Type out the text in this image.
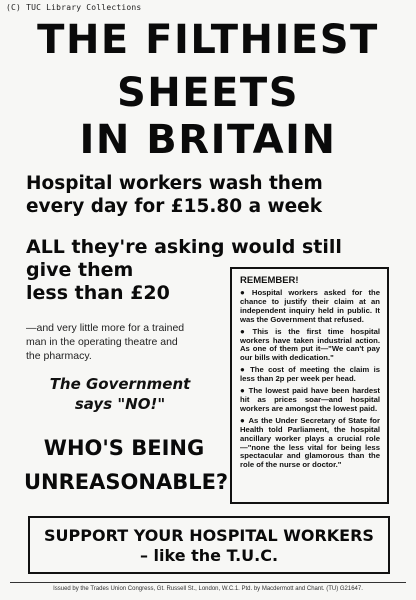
(C) TUC Library Collections
THE FILTHIEST
SHEETS
IN BRITAIN
Hospital workers wash them
every day for £15.80 a week
ALL they're asking would still
give them
less than £20
—and very little more for a trained
man in the operating theatre and
the pharmacy.
The Government
says "NO!"
WHO'S BEING
UNREASONABLE?
REMEMBER!
● Hospital workers asked for the chance to justify their claim at an independent inquiry held in public. It was the Government that refused.
● This is the first time hospital workers have taken industrial action. As one of them put it—"We can't pay our bills with dedication."
● The cost of meeting the claim is less than 2p per week per head.
● The lowest paid have been hardest hit as prices soar—and hospital workers are amongst the lowest paid.
● As the Under Secretary of State for Health told Parliament, the hospital ancillary worker plays a crucial role—"none the less vital for being less spectacular and glamorous than the role of the nurse or doctor."
SUPPORT YOUR HOSPITAL WORKERS
– like the T.U.C.
Issued by the Trades Union Congress, Gt. Russell St., London, W.C.1. Ptd. by Macdermott and Chant. (TU) G21647.
